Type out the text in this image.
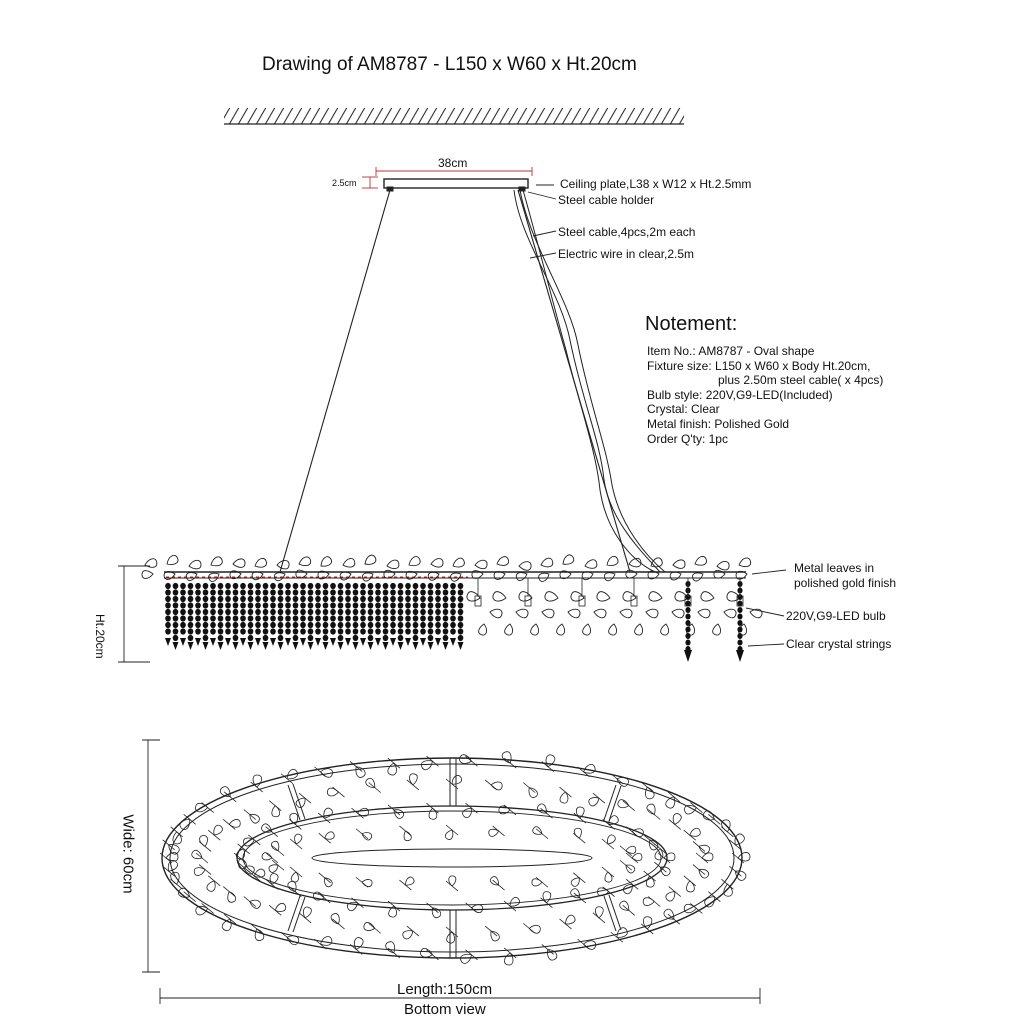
Drawing of AM8787 - L150 x W60 x Ht.20cm
38cm
2.5cm	Ceiling plate,L38 x W12 x Ht.2.5mm
Steel cable holder
Steel cable,4pcs,2m each
Electric wire in clear,2.5m
Notement:
Item No.: AM8787 - Oval shape
Fixture size: L150 x W60 x Body Ht.20cm,
plus 2.50m steel cable( x 4pcs)
Bulb style: 220V,G9-LED(Included)
Crystal: Clear
Metal finish: Polished Gold
Order Q'ty: 1pc
Metal leaves in
polished gold finish
220V,G9-LED bulb
Clear crystal strings
Ht.20cm
Wide: 60cm
Length:150cm
Bottom view
